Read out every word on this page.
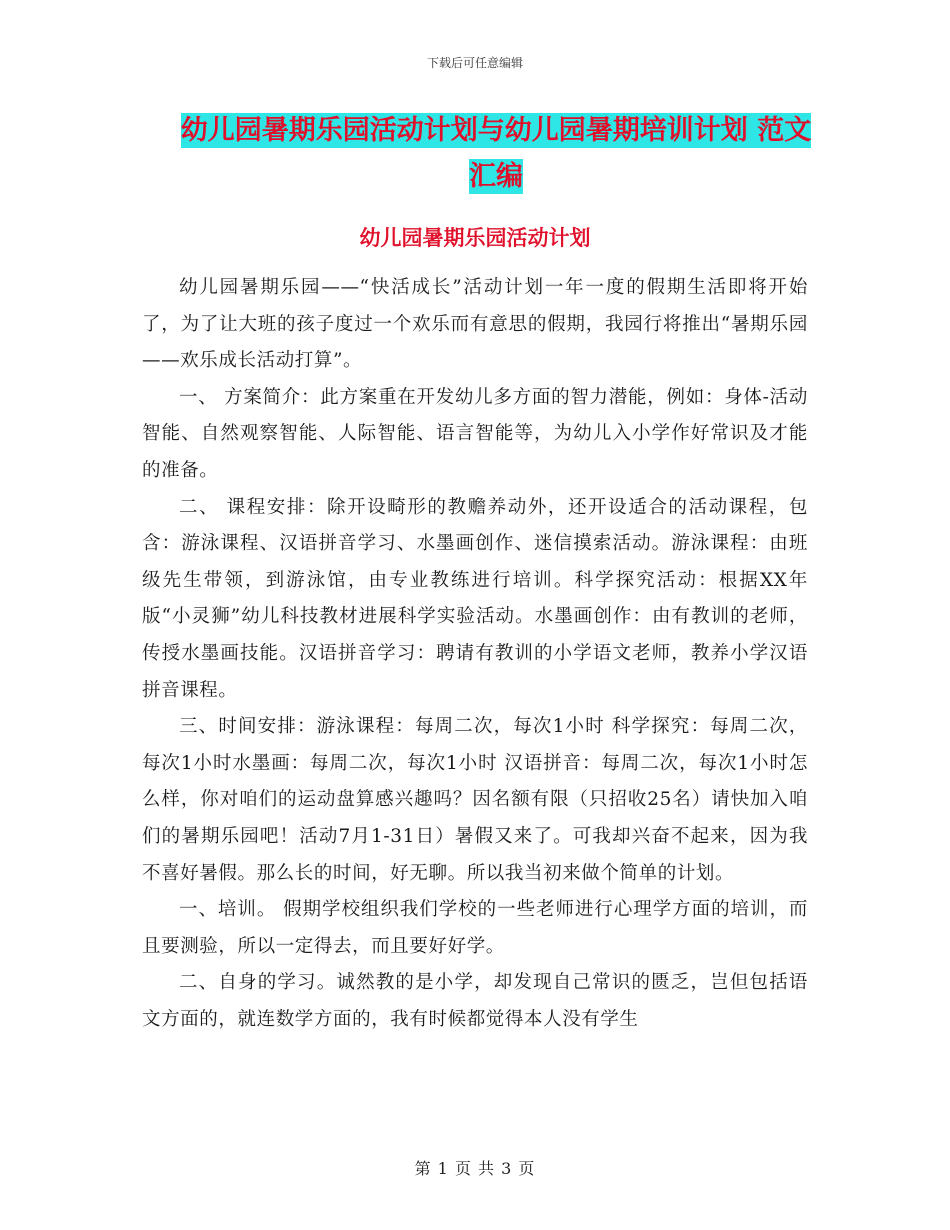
下载后可任意编辑
幼儿园暑期乐园活动计划与幼儿园暑期培训计划 范文
汇编
幼儿园暑期乐园活动计划

幼儿园暑期乐园——“快活成长”活动计划一年一度的假期生活即将开始了，为了让大班的孩子度过一个欢乐而有意思的假期，我园行将推出“暑期乐园——欢乐成长活动打算”。

一、 方案简介：此方案重在开发幼儿多方面的智力潜能，例如：身体-活动智能、自然观察智能、人际智能、语言智能等，为幼儿入小学作好常识及才能的准备。

二、 课程安排：除开设畸形的教赡养动外，还开设适合的活动课程，包含：游泳课程、汉语拼音学习、水墨画创作、迷信摸索活动。游泳课程：由班级先生带领，到游泳馆，由专业教练进行培训。科学探究活动：根据XX年版“小灵狮”幼儿科技教材进展科学实验活动。水墨画创作：由有教训的老师，传授水墨画技能。汉语拼音学习：聘请有教训的小学语文老师，教养小学汉语拼音课程。

三、时间安排：游泳课程：每周二次，每次1小时 科学探究：每周二次，每次1小时水墨画：每周二次，每次1小时 汉语拼音：每周二次，每次1小时怎么样，你对咱们的运动盘算感兴趣吗？因名额有限（只招收25名）请快加入咱们的暑期乐园吧！活动7月1-31日）暑假又来了。可我却兴奋不起来，因为我不喜好暑假。那么长的时间，好无聊。所以我当初来做个简单的计划。

一、培训。 假期学校组织我们学校的一些老师进行心理学方面的培训，而且要测验，所以一定得去，而且要好好学。

二、自身的学习。诚然教的是小学，却发现自己常识的匮乏，岂但包括语文方面的，就连数学方面的，我有时候都觉得本人没有学生

第 1 页 共 3 页
